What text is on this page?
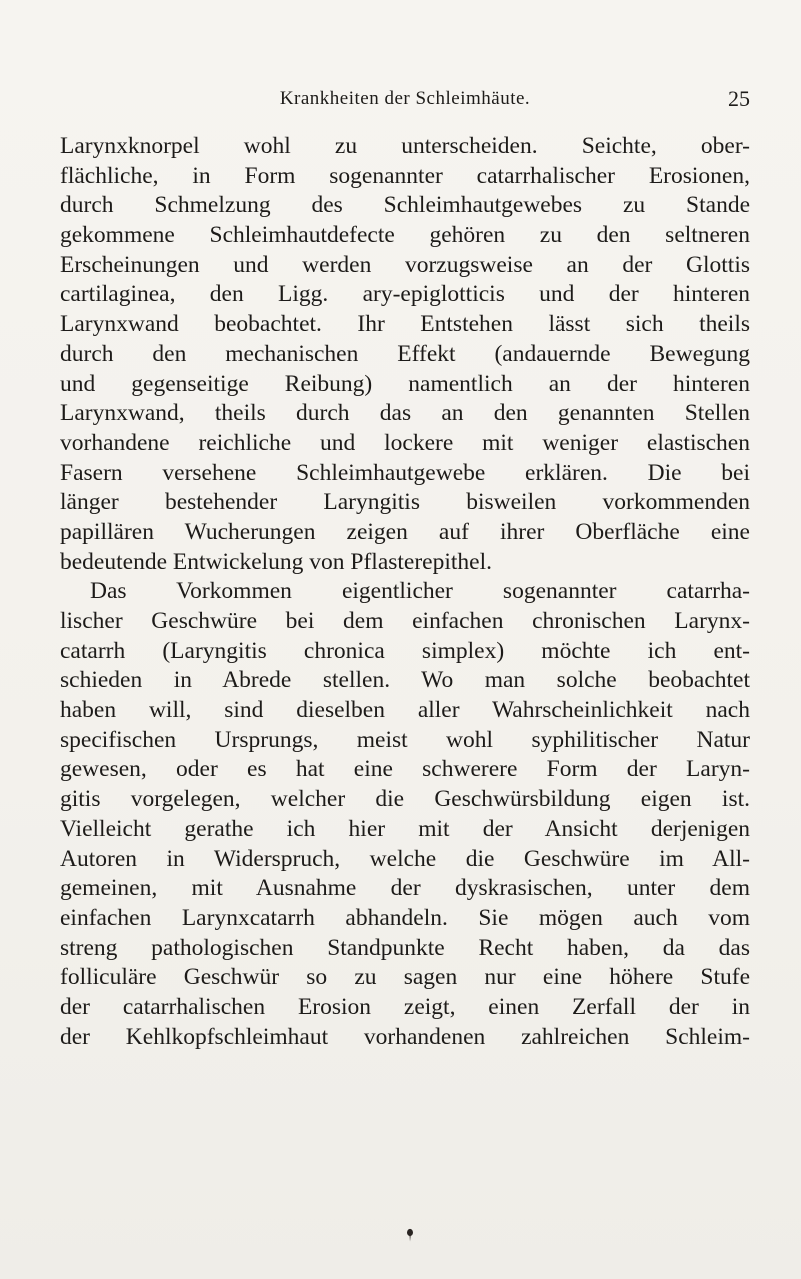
Krankheiten der Schleimhäute.	25
Larynxknorpel wohl zu unterscheiden. Seichte, ober-
flächliche, in Form sogenannter catarrhalischer Erosionen,
durch Schmelzung des Schleimhautgewebes zu Stande
gekommene Schleimhautdefecte gehören zu den seltneren
Erscheinungen und werden vorzugsweise an der Glottis
cartilaginea, den Ligg. ary-epiglotticis und der hinteren
Larynxwand beobachtet. Ihr Entstehen lässt sich theils
durch den mechanischen Effekt (andauernde Bewegung
und gegenseitige Reibung) namentlich an der hinteren
Larynxwand, theils durch das an den genannten Stellen
vorhandene reichliche und lockere mit weniger elastischen
Fasern versehene Schleimhautgewebe erklären. Die bei
länger bestehender Laryngitis bisweilen vorkommenden
papillären Wucherungen zeigen auf ihrer Oberfläche eine
bedeutende Entwickelung von Pflasterepithel.
Das Vorkommen eigentlicher sogenannter catarrha-
lischer Geschwüre bei dem einfachen chronischen Larynx-
catarrh (Laryngitis chronica simplex) möchte ich ent-
schieden in Abrede stellen. Wo man solche beobachtet
haben will, sind dieselben aller Wahrscheinlichkeit nach
specifischen Ursprungs, meist wohl syphilitischer Natur
gewesen, oder es hat eine schwerere Form der Laryn-
gitis vorgelegen, welcher die Geschwürsbildung eigen ist.
Vielleicht gerathe ich hier mit der Ansicht derjenigen
Autoren in Widerspruch, welche die Geschwüre im All-
gemeinen, mit Ausnahme der dyskrasischen, unter dem
einfachen Larynxcatarrh abhandeln. Sie mögen auch vom
streng pathologischen Standpunkte Recht haben, da das
folliculäre Geschwür so zu sagen nur eine höhere Stufe
der catarrhalischen Erosion zeigt, einen Zerfall der in
der Kehlkopfschleimhaut vorhandenen zahlreichen Schleim-
